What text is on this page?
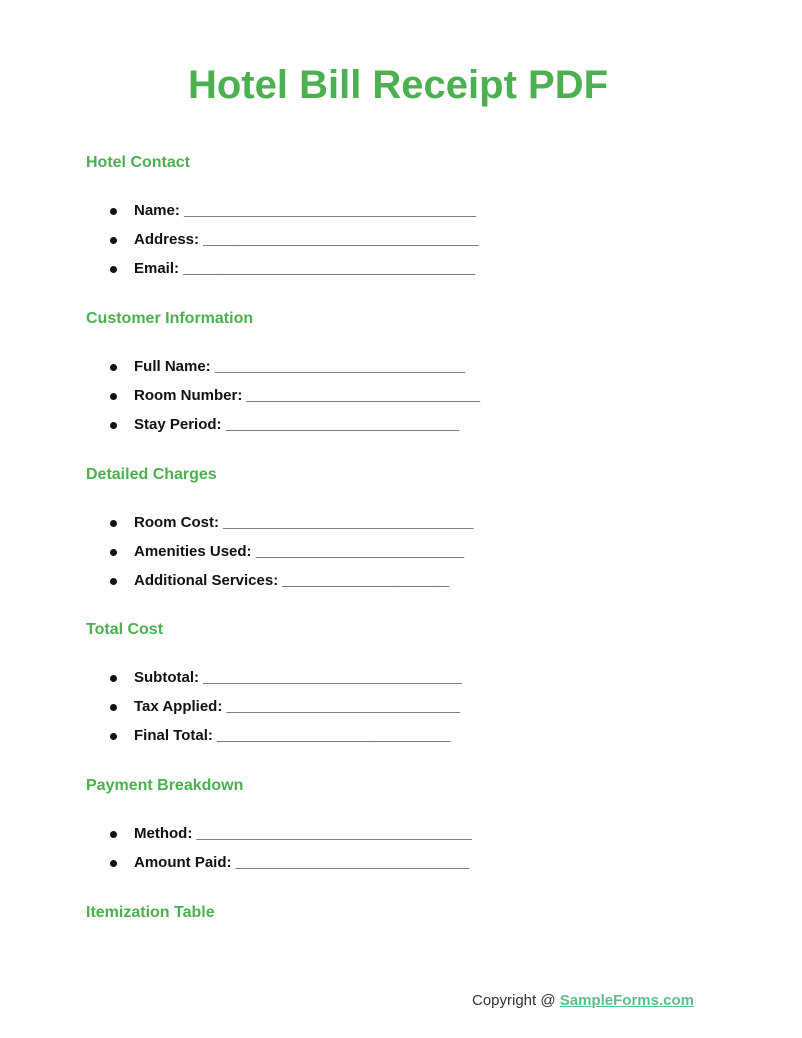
Hotel Bill Receipt PDF
Hotel Contact
Name: ___________________________________
Address: _________________________________
Email: ___________________________________
Customer Information
Full Name: ______________________________
Room Number: ____________________________
Stay Period: ____________________________
Detailed Charges
Room Cost: ______________________________
Amenities Used: _________________________
Additional Services: ____________________
Total Cost
Subtotal: _______________________________
Tax Applied: ____________________________
Final Total: ____________________________
Payment Breakdown
Method: _________________________________
Amount Paid: ____________________________
Itemization Table
Copyright @ SampleForms.com
